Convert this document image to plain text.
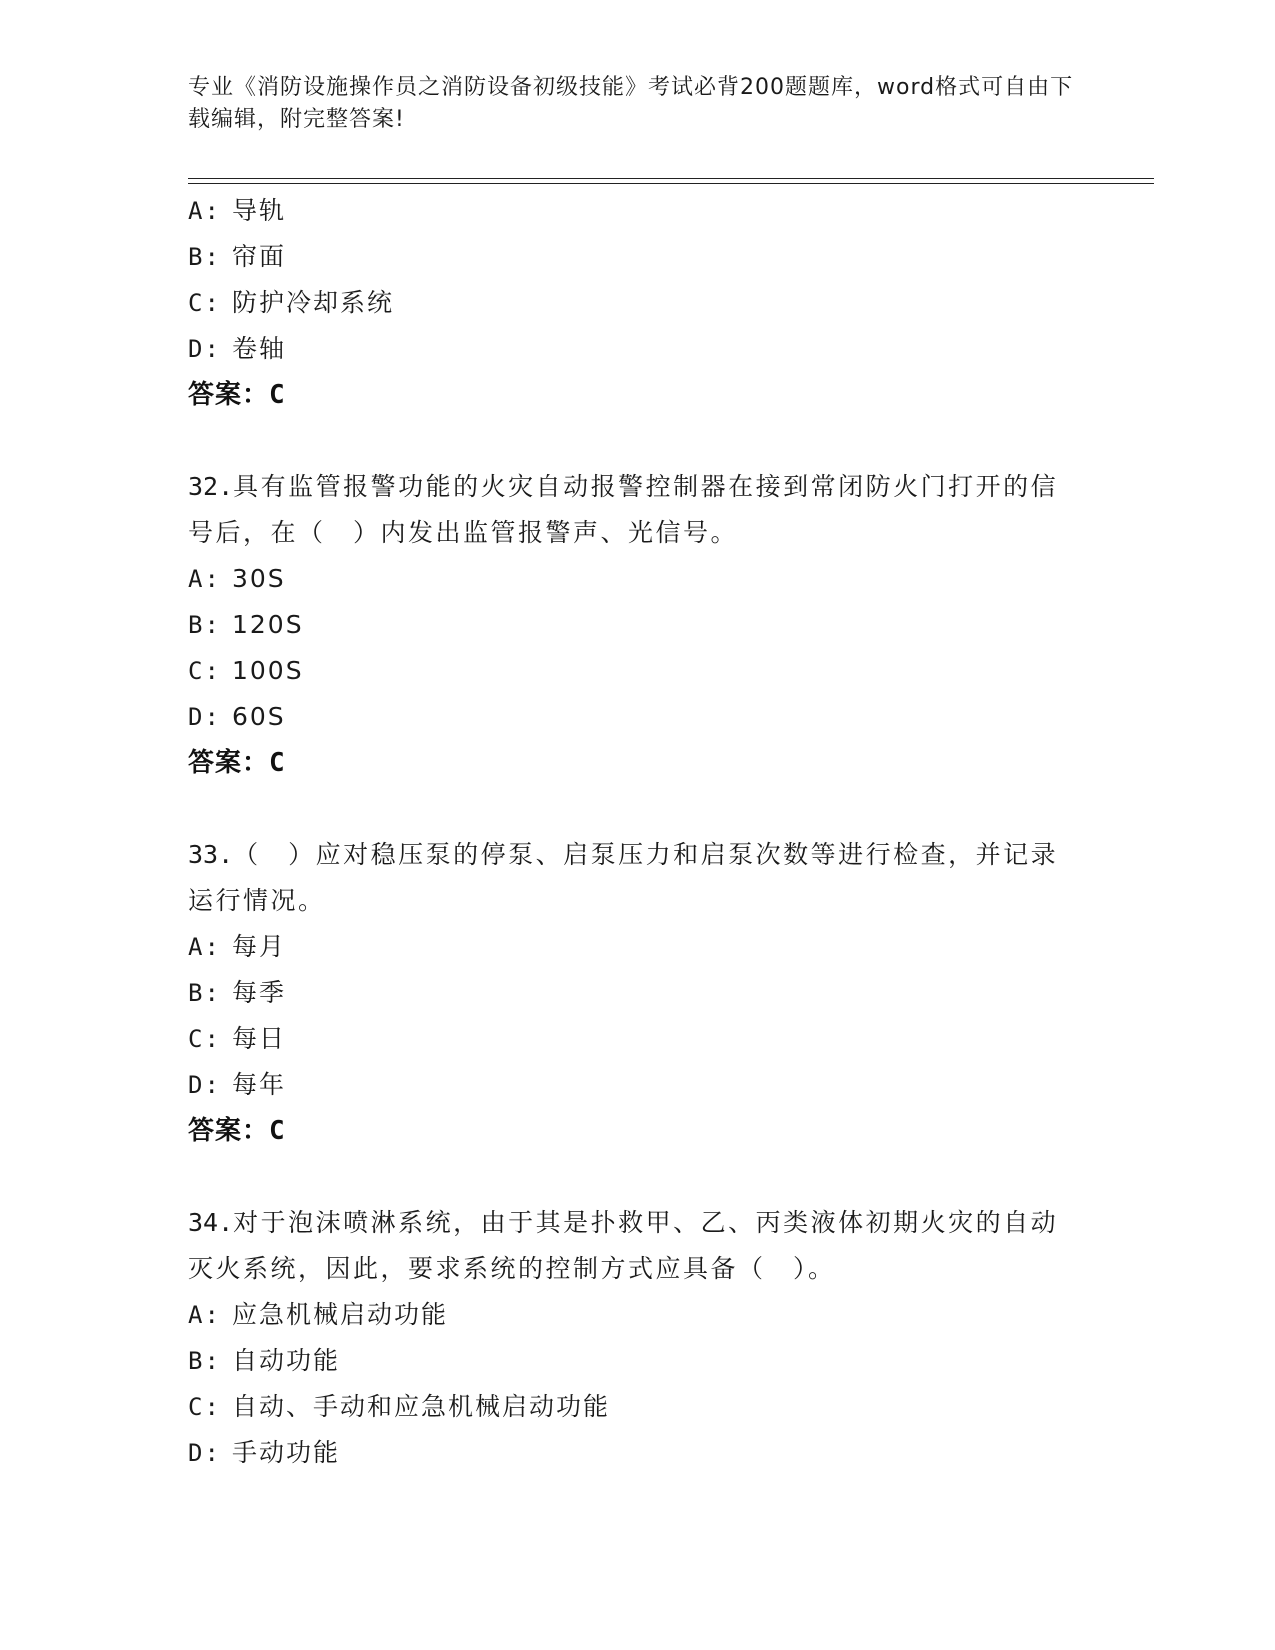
专业《消防设施操作员之消防设备初级技能》考试必背200题题库，word格式可自由下载编辑，附完整答案!
A: 导轨
B: 帘面
C: 防护冷却系统
D: 卷轴
答案：C
32.具有监管报警功能的火灾自动报警控制器在接到常闭防火门打开的信号后，在（　）内发出监管报警声、光信号。
A: 30S
B: 120S
C: 100S
D: 60S
答案：C
33.（　）应对稳压泵的停泵、启泵压力和启泵次数等进行检查，并记录运行情况。
A: 每月
B: 每季
C: 每日
D: 每年
答案：C
34.对于泡沫喷淋系统，由于其是扑救甲、乙、丙类液体初期火灾的自动灭火系统，因此，要求系统的控制方式应具备（　）。
A: 应急机械启动功能
B: 自动功能
C: 自动、手动和应急机械启动功能
D: 手动功能
